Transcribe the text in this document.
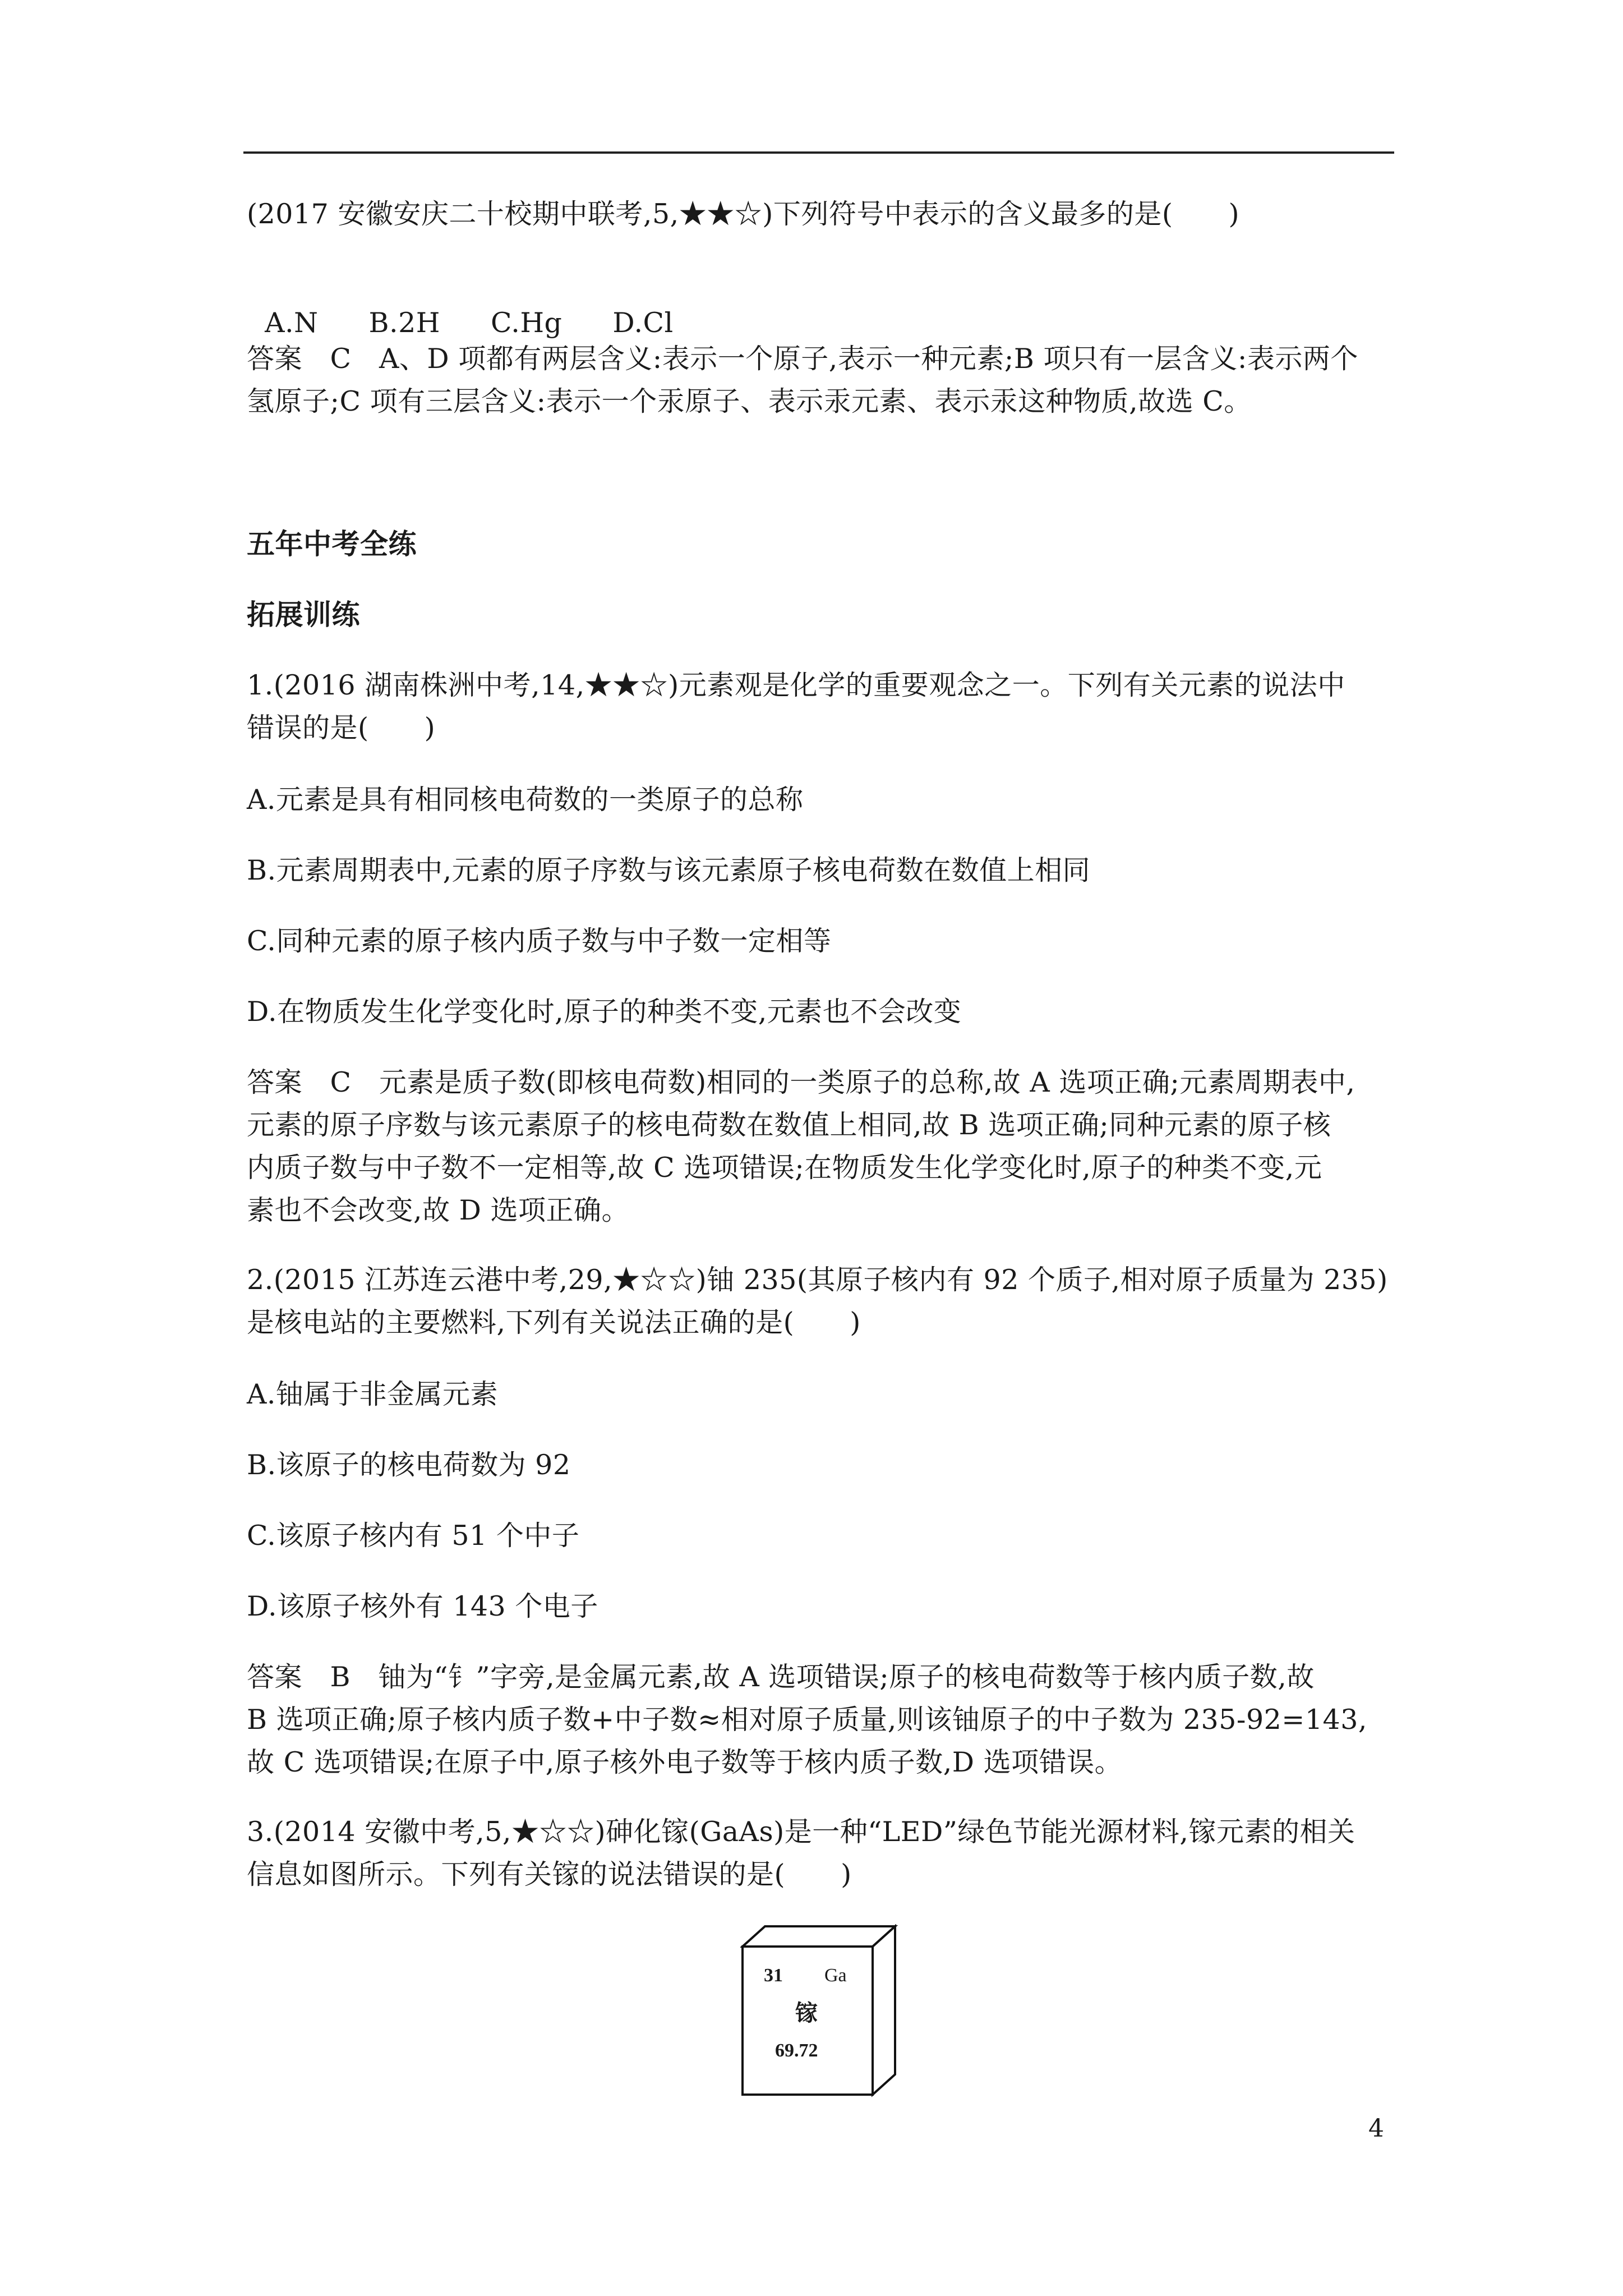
(2017 安徽安庆二十校期中联考,5,★★☆)下列符号中表示的含义最多的是(　　)

A.N B.2H C.Hg D.Cl

答案　C　A、D 项都有两层含义:表示一个原子,表示一种元素;B 项只有一层含义:表示两个
氢原子;C 项有三层含义:表示一个汞原子、表示汞元素、表示汞这种物质,故选 C。
五年中考全练
拓展训练
1.(2016 湖南株洲中考,14,★★☆)元素观是化学的重要观念之一。下列有关元素的说法中
错误的是(　　)
A.元素是具有相同核电荷数的一类原子的总称
B.元素周期表中,元素的原子序数与该元素原子核电荷数在数值上相同
C.同种元素的原子核内质子数与中子数一定相等
D.在物质发生化学变化时,原子的种类不变,元素也不会改变
答案　C　元素是质子数(即核电荷数)相同的一类原子的总称,故 A 选项正确;元素周期表中,
元素的原子序数与该元素原子的核电荷数在数值上相同,故 B 选项正确;同种元素的原子核
内质子数与中子数不一定相等,故 C 选项错误;在物质发生化学变化时,原子的种类不变,元
素也不会改变,故 D 选项正确。
2.(2015 江苏连云港中考,29,★☆☆)铀 235(其原子核内有 92 个质子,相对原子质量为 235)
是核电站的主要燃料,下列有关说法正确的是(　　)
A.铀属于非金属元素
B.该原子的核电荷数为 92
C.该原子核内有 51 个中子
D.该原子核外有 143 个电子
答案　B　铀为“钅”字旁,是金属元素,故 A 选项错误;原子的核电荷数等于核内质子数,故
B 选项正确;原子核内质子数+中子数≈相对原子质量,则该铀原子的中子数为 235-92=143,
故 C 选项错误;在原子中,原子核外电子数等于核内质子数,D 选项错误。
3.(2014 安徽中考,5,★☆☆)砷化镓(GaAs)是一种“LED”绿色节能光源材料,镓元素的相关
信息如图所示。下列有关镓的说法错误的是(　　)
31 Ga
镓
69.72
4
